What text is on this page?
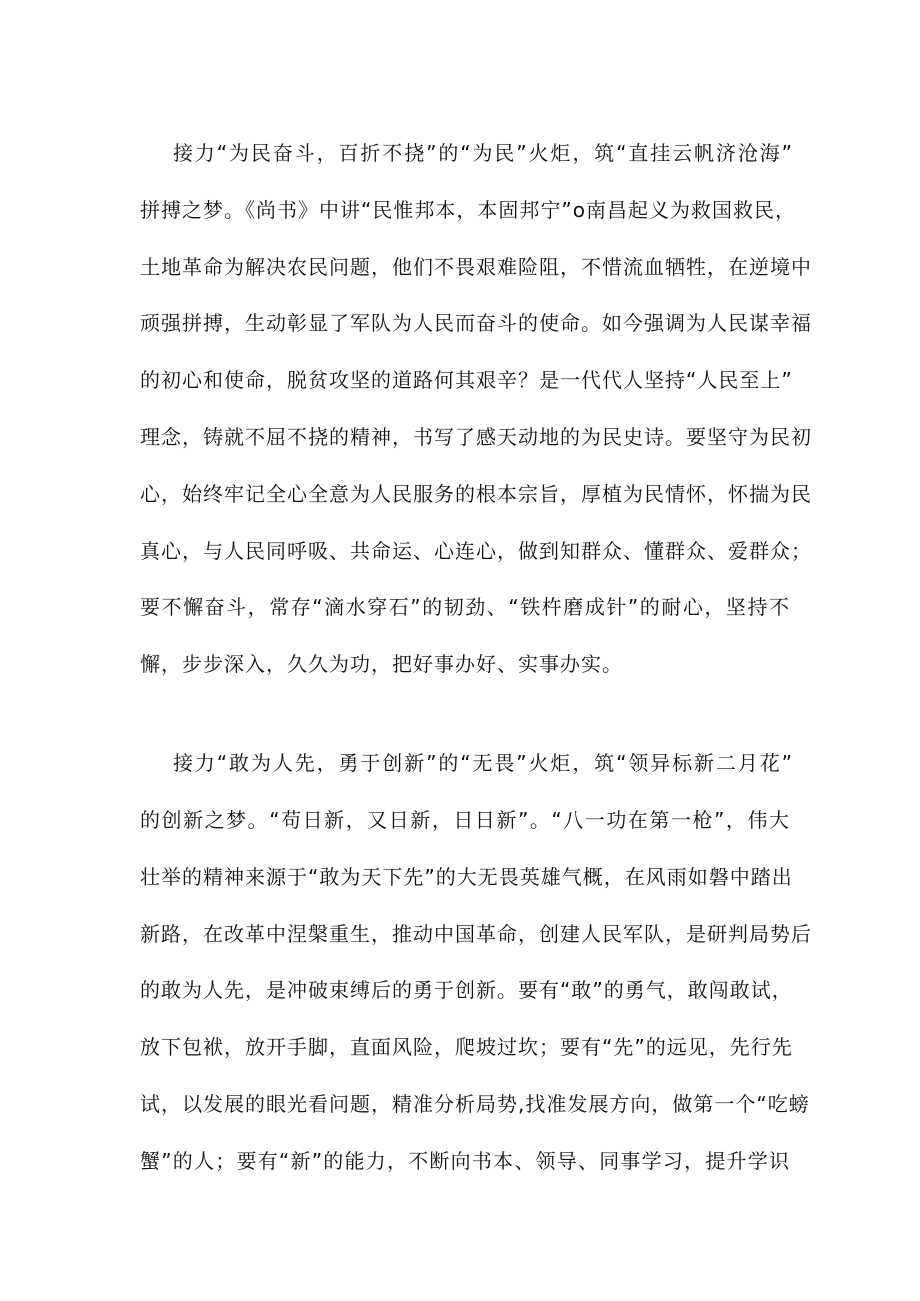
接力“为民奋斗，百折不挠”的“为民”火炬，筑“直挂云帆济沧海”
拼搏之梦。《尚书》中讲“民惟邦本，本固邦宁”o南昌起义为救国救民，
土地革命为解决农民问题，他们不畏艰难险阻，不惜流血牺牲，在逆境中
顽强拼搏，生动彰显了军队为人民而奋斗的使命。如今强调为人民谋幸福
的初心和使命，脱贫攻坚的道路何其艰辛？是一代代人坚持“人民至上”
理念，铸就不屈不挠的精神，书写了感天动地的为民史诗。要坚守为民初
心，始终牢记全心全意为人民服务的根本宗旨，厚植为民情怀，怀揣为民
真心，与人民同呼吸、共命运、心连心，做到知群众、懂群众、爱群众；
要不懈奋斗，常存“滴水穿石”的韧劲、“铁杵磨成针”的耐心，坚持不
懈，步步深入，久久为功，把好事办好、实事办实。
接力“敢为人先，勇于创新”的“无畏”火炬，筑“领异标新二月花”
的创新之梦。“苟日新，又日新，日日新”。“八一功在第一枪”，伟大
壮举的精神来源于“敢为天下先”的大无畏英雄气概，在风雨如磐中踏出
新路，在改革中涅槃重生，推动中国革命，创建人民军队，是研判局势后
的敢为人先，是冲破束缚后的勇于创新。要有“敢”的勇气，敢闯敢试，
放下包袱，放开手脚，直面风险，爬坡过坎；要有“先”的远见，先行先
试，以发展的眼光看问题，精准分析局势,找准发展方向，做第一个“吃螃
蟹”的人；要有“新”的能力，不断向书本、领导、同事学习，提升学识
